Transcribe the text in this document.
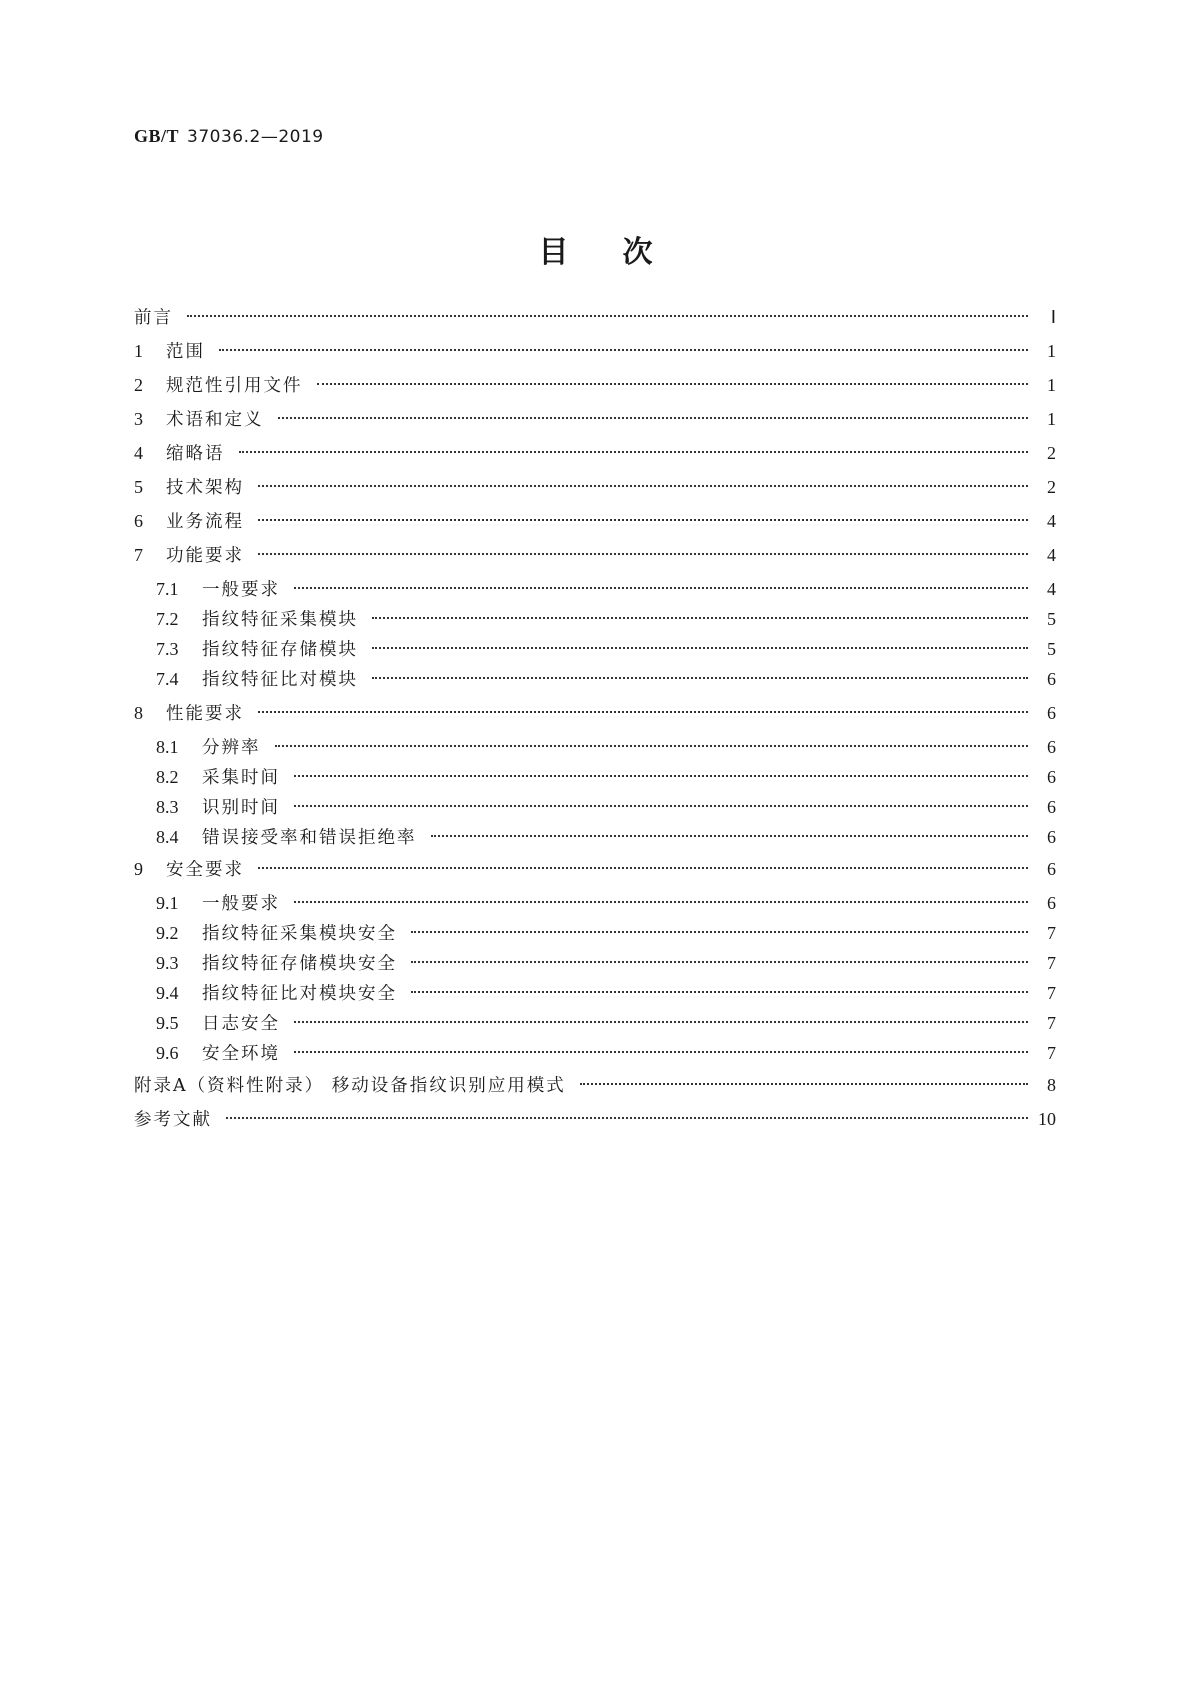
GB/T 37036.2—2019
目次
前言	Ⅰ
1	范围	1
2	规范性引用文件	1
3	术语和定义	1
4	缩略语	2
5	技术架构	2
6	业务流程	4
7	功能要求	4
7.1	一般要求	4
7.2	指纹特征采集模块	5
7.3	指纹特征存储模块	5
7.4	指纹特征比对模块	6
8	性能要求	6
8.1	分辨率	6
8.2	采集时间	6
8.3	识别时间	6
8.4	错误接受率和错误拒绝率	6
9	安全要求	6
9.1	一般要求	6
9.2	指纹特征采集模块安全	7
9.3	指纹特征存储模块安全	7
9.4	指纹特征比对模块安全	7
9.5	日志安全	7
9.6	安全环境	7
附录A（资料性附录） 移动设备指纹识别应用模式	8
参考文献	10
